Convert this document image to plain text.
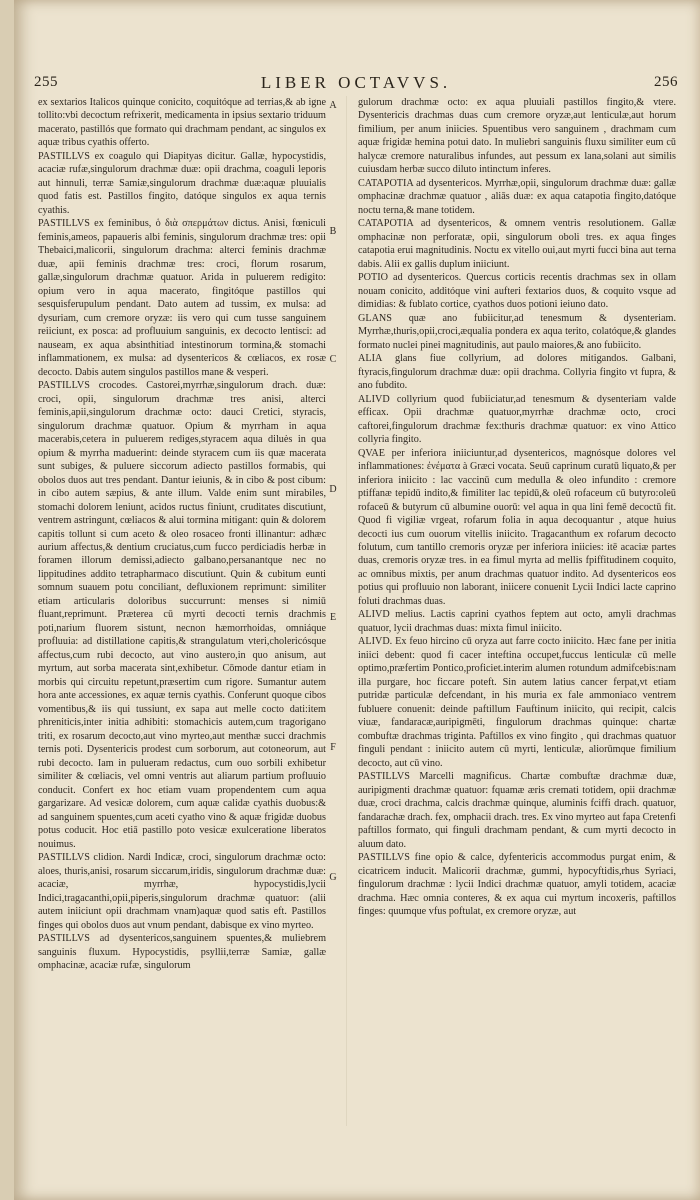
255	LIBER OCTAVVS.	256
A
B
C
D
E
F
G

ex sextarios Italicos quinque conicito, coquitóque ad terrias,& ab igne tollito:vbi decoctum refrixerit, medicamenta in ipsius sextario triduum macerato, pastillós que formato qui drachmam pendant, ac singulos ex aquæ tribus cyathis offerto.

PASTILLVS ex coagulo qui Diapityas dicitur. Gallæ, hypocystidis, acaciæ rufæ,singulorum drachmæ duæ: opii drachma, coaguli leporis aut hinnuli, terræ Samiæ,singulorum drachmæ duæ:aquæ pluuialis quod fatis est. Pastillos fingito, datóque singulos ex aqua ternis cyathis.

PASTILLVS ex feminibus, ὁ διὰ σπερμάτων dictus. Anisi, fœniculi feminis,ameos, papaueris albi feminis, singulorum drachmæ tres: opii Thebaici,malicorii, singulorum drachma: alterci feminis drachmæ duæ, apii feminis drachmæ tres: croci, florum rosarum, gallæ,singulorum drachmæ quatuor. Arida in puluerem redigito: opium vero in aqua macerato, fingitóque pastillos qui sesquisferupulum pendant. Dato autem ad tussim, ex mulsa: ad dysuriam, cum cremore oryzæ: iis vero qui cum tusse sanguinem reiiciunt, ex posca: ad profluuium sanguinis, ex decocto lentisci: ad nauseam, ex aqua absinthitiad intestinorum tormina,& stomachi inflammationem, ex mulsa: ad dysentericos & cœliacos, ex rosæ decocto. Dabis autem singulos pastillos mane & vesperi.

PASTILLVS crocodes. Castorei,myrrhæ,singulorum drach. duæ: croci, opii, singulorum drachmæ tres anisi, alterci feminis,apii,singulorum drachmæ octo: dauci Cretici, styracis, singulorum drachmæ quatuor. Opium & myrrham in aqua macerabis,cetera in puluerem rediges,styracem aqua diluės in qua opium & myrrha maduerint: deinde styracem cum iis quæ macerata sunt subiges, & puluere siccorum adiecto pastillos formabis, qui obolos duos aut tres pendant. Dantur ieiunis, & in cibo & post cibum: in cibo autem sæpius, & ante illum. Valde enim sunt mirabiles, stomachi dolorem leniunt, acidos ructus finiunt, cruditates discutiunt, ventrem astringunt, cœliacos & alui tormina mitigant: quin & dolorem capitis tollunt si cum aceto & oleo rosaceo fronti illinantur: adhæc aurium affectus,& dentium cruciatus,cum fucco perdiciadis herbæ in foramen illorum demissi,adiecto galbano,persanantque nec no lippitudines addito tetrapharmaco discutiunt. Quin & cubitum eunti somnum suauem potu conciliant, defluxionem reprimunt: similiter etiam articularis doloribus succurrunt: menses si nimiū fluant,reprimunt. Præterea cū myrti decocti ternis drachmis poti,narium fluorem sistunt, necnon hæmorrhoidas, omniáque profluuia: ad distillatione capitis,& strangulatum vteri,cholericósque affectus,cum rubi decocto, aut vino austero,in quo anisum, aut myrtum, aut sorba macerata sint,exhibetur. Cōmode dantur etiam in morbis qui circuitu repetunt,præsertim cum rigore. Sumantur autem hora ante accessiones, ex aquæ ternis cyathis. Conferunt quoque cibos vomentibus,& iis qui tussiunt, ex sapa aut melle cocto dati:item phreniticis,inter initia adhibiti: stomachicis autem,cum tragorigano triti, ex rosarum decocto,aut vino myrteo,aut menthæ succi drachmis ternis poti. Dysentericis prodest cum sorborum, aut cotoneorum, aut rubi decocto. Iam in pulueram redactus, cum ouo sorbili exhibetur similiter & cœliacis, vel omni ventris aut aliarum partium profluuio conducit. Confert ex hoc etiam vuam propendentem cum aqua gargarizare. Ad vesicæ dolorem, cum aquæ calidæ cyathis duobus:& ad sanguinem spuentes,cum aceti cyatho vino & aquæ frigidæ duobus potus coducit. Hoc etiā pastillo poto vesicæ exulceratione liberatos nouimus.

PASTILLVS clidion. Nardi Indicæ, croci, singulorum drachmæ octo: aloes, thuris,anisi, rosarum siccarum,iridis, singulorum drachmæ duæ: acaciæ, myrrhæ, hypocystidis,lycii Indici,tragacanthi,opii,piperis,singulorum drachmæ quatuor: (alii autem iniiciunt opii drachmam vnam)aquæ quod satis eft. Pastillos finges qui obolos duos aut vnum pendant, dabisque ex vino myrteo.

PASTILLVS ad dysentericos,sanguinem spuentes,& muliebrem sanguinis fluxum. Hypocystidis, psyllii,terræ Samiæ, gallæ omphacinæ, acaciæ rufæ, singulorum

gulorum drachmæ octo: ex aqua pluuiali pastillos fingito,& vtere. Dysentericis drachmas duas cum cremore oryzæ,aut lenticulæ,aut horum fimilium, per anum iniicies. Spuentibus vero sanguinem , drachmam cum aquæ frigidæ hemina potui dato. In muliebri sanguinis fluxu similiter eum cū halycæ cremore naturalibus infundes, aut pessum ex lana,solani aut similis cuiusdam herbæ succo diluto intinctum inferes.

CATAPOTIA ad dysentericos. Myrrhæ,opii, singulorum drachmæ duæ: gallæ omphacinæ drachmæ quatuor , aliās duæ: ex aqua catapotia fingito,datóque noctu terna,& mane totidem.

CATAPOTIA ad dysentericos, & omnem ventris resolutionem. Gallæ omphacinæ non perforatæ, opii, singulorum oboli tres. ex aqua finges catapotia erui magnitudinis. Noctu ex vitello oui,aut myrti fucci bina aut terna dabis. Alii ex gallis duplum iniiciunt.

POTIO ad dysentericos. Quercus corticis recentis drachmas sex in ollam nouam conicito, additóque vini aufteri fextarios duos, & coquito vsque ad dimidias: & fublato cortice, cyathos duos potioni ieiuno dato.

GLANS quæ ano fubiicitur,ad tenesmum & dysenteriam. Myrrhæ,thuris,opii,croci,æqualia pondera ex aqua terito, colatóque,& glandes formato nuclei pinei magnitudinis, aut paulo maiores,& ano fubiicito.

ALIA glans fiue collyrium, ad dolores mitigandos. Galbani, ftyracis,fingulorum drachmæ duæ: opii drachma. Collyria fingito vt fupra, & ano fubdito.

ALIVD collyrium quod fubiiciatur,ad tenesmum & dysenteriam valde efficax. Opii drachmæ quatuor,myrrhæ drachmæ octo, croci caftorei,fingulorum drachmæ fex:thuris drachmæ quatuor: ex vino Attico collyria fingito.

QVAE per inferiora iniiciuntur,ad dysentericos, magnósque dolores vel inflammationes: ἐνέματα à Græci vocata. Seuū caprinum curatū liquato,& per inferiora iniicito : lac vaccinū cum medulla & oleo infundito : cremore ptiffanæ tepidū indito,& fimiliter lac tepidū,& oleū rofaceum cū butyro:oleū rofaceū & butyrum cū albumine ouorū: vel aqua in qua lini femē decoctū fit. Quod fi vigiliæ vrgeat, rofarum folia in aqua decoquantur , atque huius decocti ius cum ouorum vitellis iniicito. Tragacanthum ex rofarum decocto folutum, cum tantillo cremoris oryzæ per inferiora iniicies: itē acaciæ partes duas, cremoris oryzæ tres. in ea fimul myrta ad mellis fpiffitudinem coquito, ac omnibus mixtis, per anum drachmas quatuor indito. Ad dysentericos eos potius qui profluuio non laborant, iniicere conuenit Lycii Indici lacte caprino foluti drachmas duas.

ALIVD melius. Lactis caprini cyathos feptem aut octo, amyli drachmas quatuor, lycii drachmas duas: mixta fimul iniicito.

ALIVD. Ex feuo hircino cū oryza aut farre cocto iniicito. Hæc fane per initia iniici debent: quod fi cacer inteftina occupet,fuccus lenticulæ cū melle optimo,præfertim Pontico,proficiet.interim alumen rotundum admifcebis:nam illa purgare, hoc ficcare poteft. Sin autem latius cancer ferpat,vt etiam putridæ particulæ defcendant, in his muria ex fale ammoniaco ventrem fubluere conuenit: deinde paftillum Fauftinum iniicito, qui recipit, calcis viuæ, fandaracæ,auripigmēti, fingulorum drachmas quinque: chartæ combuftæ drachmas triginta. Paftillos ex vino fingito , qui drachmas quatuor finguli pendant : iniicito autem cū myrti, lenticulæ, aliorūmque fimilium decocto, aut cū vino.

PASTILLVS Marcelli magnificus. Chartæ combuftæ drachmæ duæ, auripigmenti drachmæ quatuor: fquamæ æris cremati totidem, opii drachmæ duæ, croci drachma, calcis drachmæ quinque, aluminis fciffi drach. quatuor, fandarachæ drach. fex, omphacii drach. tres. Ex vino myrteo aut fapa Cretenfi paftillos formato, qui finguli drachmam pendant, & cum myrti decocto in aluum dato.

PASTILLVS fine opio & calce, dyfentericis accommodus purgat enim, & cicatricem inducit. Malicorii drachmæ, gummi, hypocyftidis,rhus Syriaci, fingulorum drachmæ : lycii Indici drachmæ quatuor, amyli totidem, acaciæ drachma. Hæc omnia conteres, & ex aqua cui myrtum incoxeris, paftillos finges: quumque vfus poftulat, ex cremore oryzæ, aut
